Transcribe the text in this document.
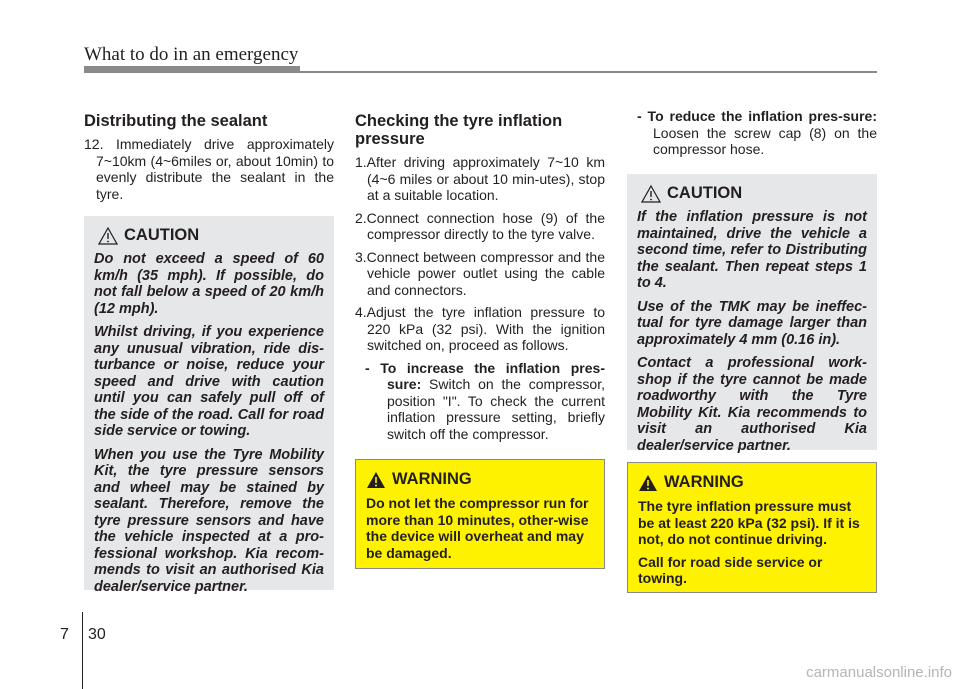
What to do in an emergency
Distributing the sealant
12. Immediately drive approximately 7~10km (4~6miles or, about 10min) to evenly distribute the sealant in the tyre.
CAUTION

Do not exceed a speed of 60 km/h (35 mph). If possible, do not fall below a speed of 20 km/h (12 mph).

Whilst driving, if you experience any unusual vibration, ride dis-turbance or noise, reduce your speed and drive with caution until you can safely pull off of the side of the road. Call for road side service or towing.

When you use the Tyre Mobility Kit, the tyre pressure sensors and wheel may be stained by sealant. Therefore, remove the tyre pressure sensors and have the vehicle inspected at a pro-fessional workshop. Kia recom-mends to visit an authorised Kia dealer/service partner.

Checking the tyre inflation pressure
1.After driving approximately 7~10 km (4~6 miles or about 10 min-utes), stop at a suitable location.
2.Connect connection hose (9) of the compressor directly to the tyre valve.
3.Connect between compressor and the vehicle power outlet using the cable and connectors.
4.Adjust the tyre inflation pressure to 220 kPa (32 psi). With the ignition switched on, proceed as follows.
- To increase the inflation pres-sure: Switch on the compressor, position "I". To check the current inflation pressure setting, briefly switch off the compressor.
WARNING

Do not let the compressor run for more than 10 minutes, other-wise the device will overheat and may be damaged.

- To reduce the inflation pres-sure: Loosen the screw cap (8) on the compressor hose.
CAUTION

If the inflation pressure is not maintained, drive the vehicle a second time, refer to Distributing the sealant. Then repeat steps 1 to 4.

Use of the TMK may be ineffec-tual for tyre damage larger than approximately 4 mm (0.16 in).

Contact a professional work-shop if the tyre cannot be made roadworthy with the Tyre Mobility Kit. Kia recommends to visit an authorised Kia dealer/service partner.

WARNING

The tyre inflation pressure must be at least 220 kPa (32 psi). If it is not, do not continue driving.

Call for road side service or towing.

7 30
carmanualsonline.info
